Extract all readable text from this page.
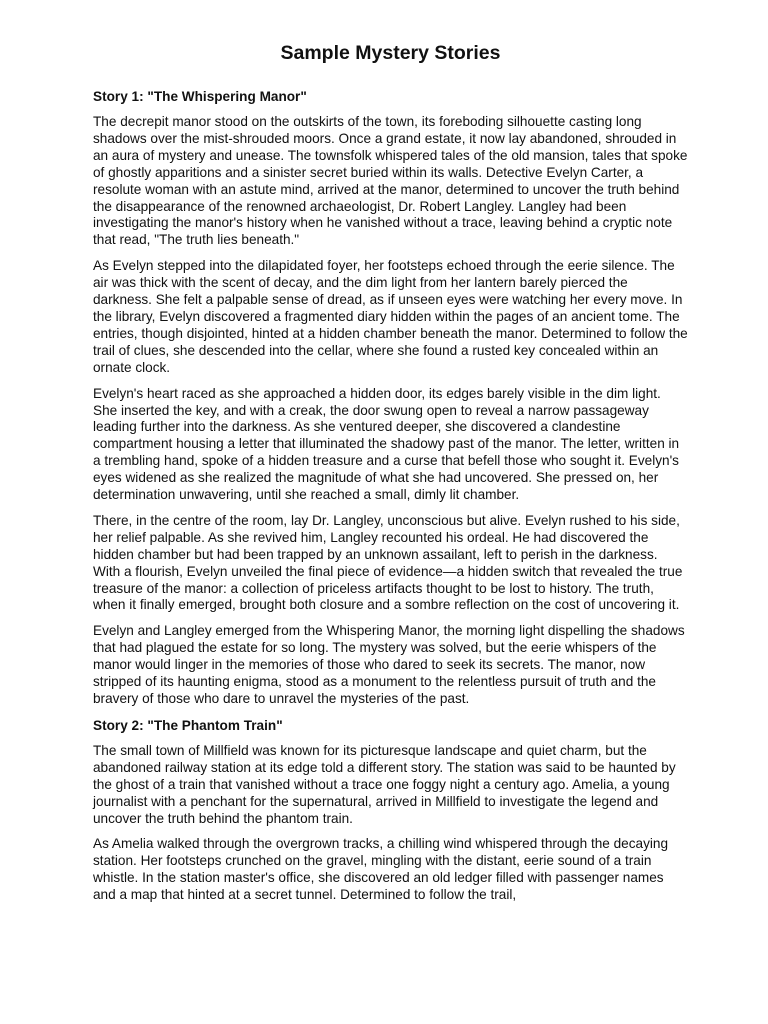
Sample Mystery Stories
Story 1: "The Whispering Manor"

The decrepit manor stood on the outskirts of the town, its foreboding silhouette casting long shadows over the mist-shrouded moors. Once a grand estate, it now lay abandoned, shrouded in an aura of mystery and unease. The townsfolk whispered tales of the old mansion, tales that spoke of ghostly apparitions and a sinister secret buried within its walls. Detective Evelyn Carter, a resolute woman with an astute mind, arrived at the manor, determined to uncover the truth behind the disappearance of the renowned archaeologist, Dr. Robert Langley. Langley had been investigating the manor's history when he vanished without a trace, leaving behind a cryptic note that read, "The truth lies beneath."

As Evelyn stepped into the dilapidated foyer, her footsteps echoed through the eerie silence. The air was thick with the scent of decay, and the dim light from her lantern barely pierced the darkness. She felt a palpable sense of dread, as if unseen eyes were watching her every move. In the library, Evelyn discovered a fragmented diary hidden within the pages of an ancient tome. The entries, though disjointed, hinted at a hidden chamber beneath the manor. Determined to follow the trail of clues, she descended into the cellar, where she found a rusted key concealed within an ornate clock.

Evelyn's heart raced as she approached a hidden door, its edges barely visible in the dim light. She inserted the key, and with a creak, the door swung open to reveal a narrow passageway leading further into the darkness. As she ventured deeper, she discovered a clandestine compartment housing a letter that illuminated the shadowy past of the manor. The letter, written in a trembling hand, spoke of a hidden treasure and a curse that befell those who sought it. Evelyn's eyes widened as she realized the magnitude of what she had uncovered. She pressed on, her determination unwavering, until she reached a small, dimly lit chamber.

There, in the centre of the room, lay Dr. Langley, unconscious but alive. Evelyn rushed to his side, her relief palpable. As she revived him, Langley recounted his ordeal. He had discovered the hidden chamber but had been trapped by an unknown assailant, left to perish in the darkness. With a flourish, Evelyn unveiled the final piece of evidence—a hidden switch that revealed the true treasure of the manor: a collection of priceless artifacts thought to be lost to history. The truth, when it finally emerged, brought both closure and a sombre reflection on the cost of uncovering it.

Evelyn and Langley emerged from the Whispering Manor, the morning light dispelling the shadows that had plagued the estate for so long. The mystery was solved, but the eerie whispers of the manor would linger in the memories of those who dared to seek its secrets. The manor, now stripped of its haunting enigma, stood as a monument to the relentless pursuit of truth and the bravery of those who dare to unravel the mysteries of the past.

Story 2: "The Phantom Train"

The small town of Millfield was known for its picturesque landscape and quiet charm, but the abandoned railway station at its edge told a different story. The station was said to be haunted by the ghost of a train that vanished without a trace one foggy night a century ago. Amelia, a young journalist with a penchant for the supernatural, arrived in Millfield to investigate the legend and uncover the truth behind the phantom train.

As Amelia walked through the overgrown tracks, a chilling wind whispered through the decaying station. Her footsteps crunched on the gravel, mingling with the distant, eerie sound of a train whistle. In the station master's office, she discovered an old ledger filled with passenger names and a map that hinted at a secret tunnel. Determined to follow the trail,
